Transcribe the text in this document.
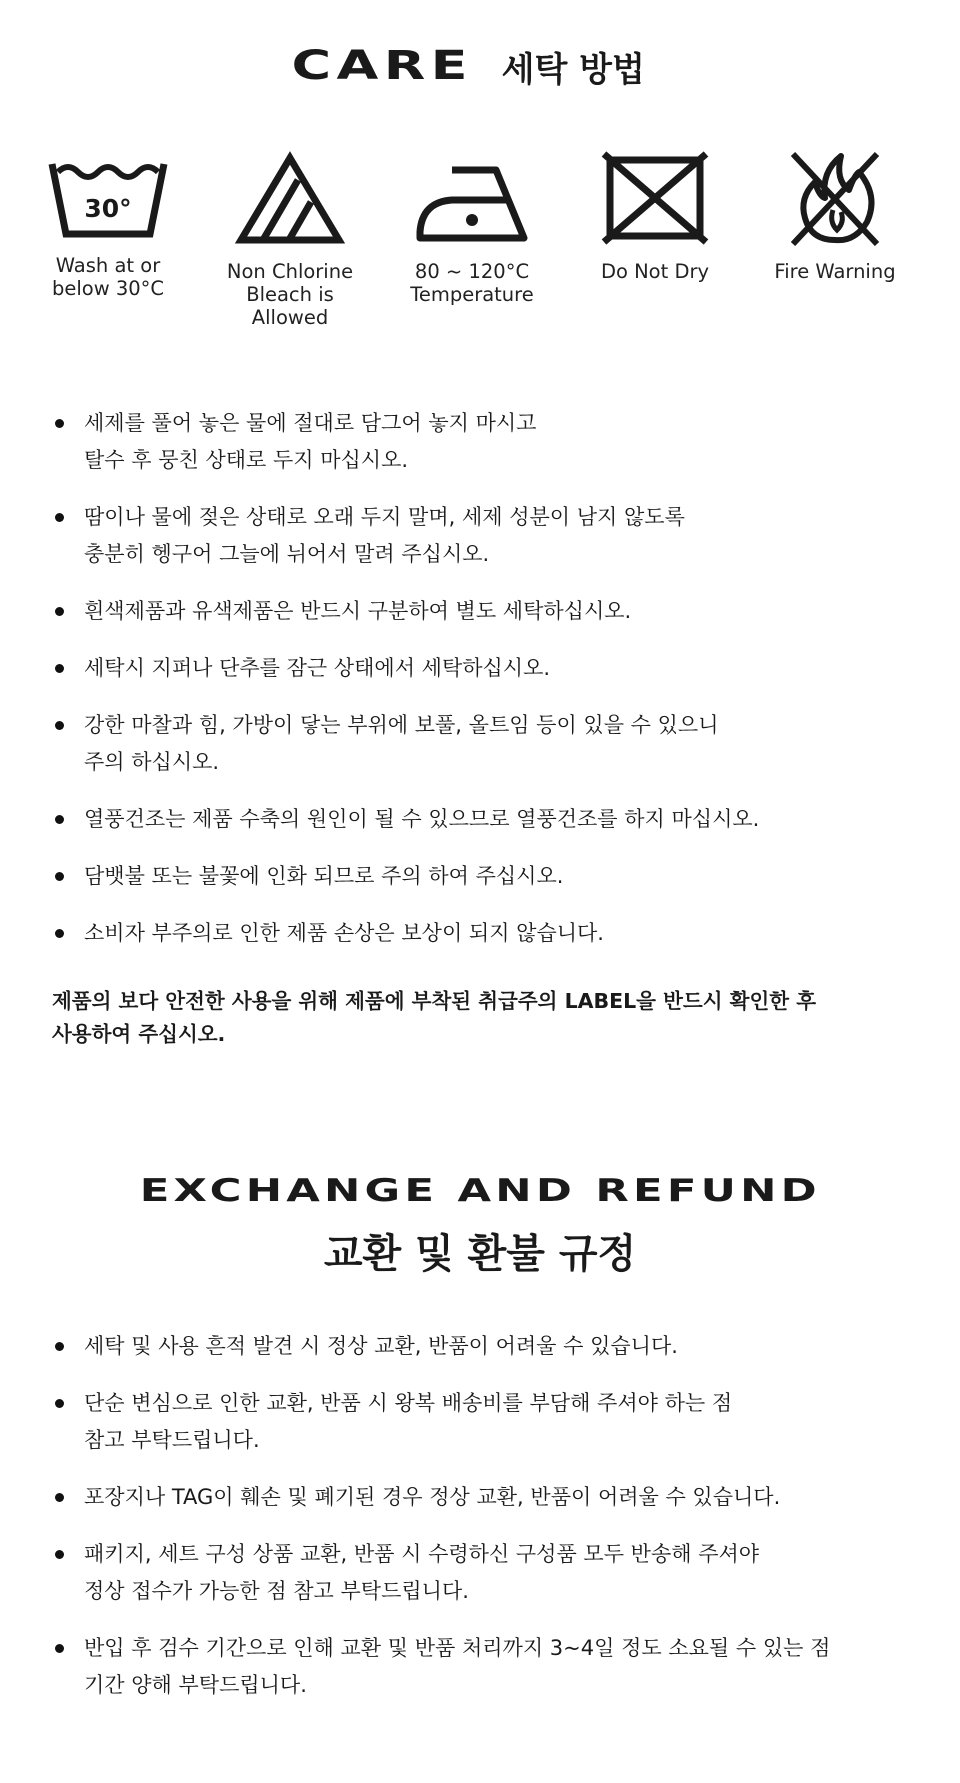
CARE 세탁 방법
30°
Wash at or
below 30°C
Non Chlorine
Bleach is
Allowed
80 ~ 120°C
Temperature
Do Not Dry	Fire Warning
세제를 풀어 놓은 물에 절대로 담그어 놓지 마시고
탈수 후 뭉친 상태로 두지 마십시오.
땀이나 물에 젖은 상태로 오래 두지 말며, 세제 성분이 남지 않도록
충분히 헹구어 그늘에 뉘어서 말려 주십시오.
흰색제품과 유색제품은 반드시 구분하여 별도 세탁하십시오.
세탁시 지퍼나 단추를 잠근 상태에서 세탁하십시오.
강한 마찰과 힘, 가방이 닿는 부위에 보풀, 올트임 등이 있을 수 있으니
주의 하십시오.
열풍건조는 제품 수축의 원인이 될 수 있으므로 열풍건조를 하지 마십시오.
담뱃불 또는 불꽃에 인화 되므로 주의 하여 주십시오.
소비자 부주의로 인한 제품 손상은 보상이 되지 않습니다.

제품의 보다 안전한 사용을 위해 제품에 부착된 취급주의 LABEL을 반드시 확인한 후
사용하여 주십시오.

EXCHANGE AND REFUND
교환 및 환불 규정
세탁 및 사용 흔적 발견 시 정상 교환, 반품이 어려울 수 있습니다.
단순 변심으로 인한 교환, 반품 시 왕복 배송비를 부담해 주셔야 하는 점
참고 부탁드립니다.
포장지나 TAG이 훼손 및 폐기된 경우 정상 교환, 반품이 어려울 수 있습니다.
패키지, 세트 구성 상품 교환, 반품 시 수령하신 구성품 모두 반송해 주셔야
정상 접수가 가능한 점 참고 부탁드립니다.
반입 후 검수 기간으로 인해 교환 및 반품 처리까지 3~4일 정도 소요될 수 있는 점
기간 양해 부탁드립니다.
